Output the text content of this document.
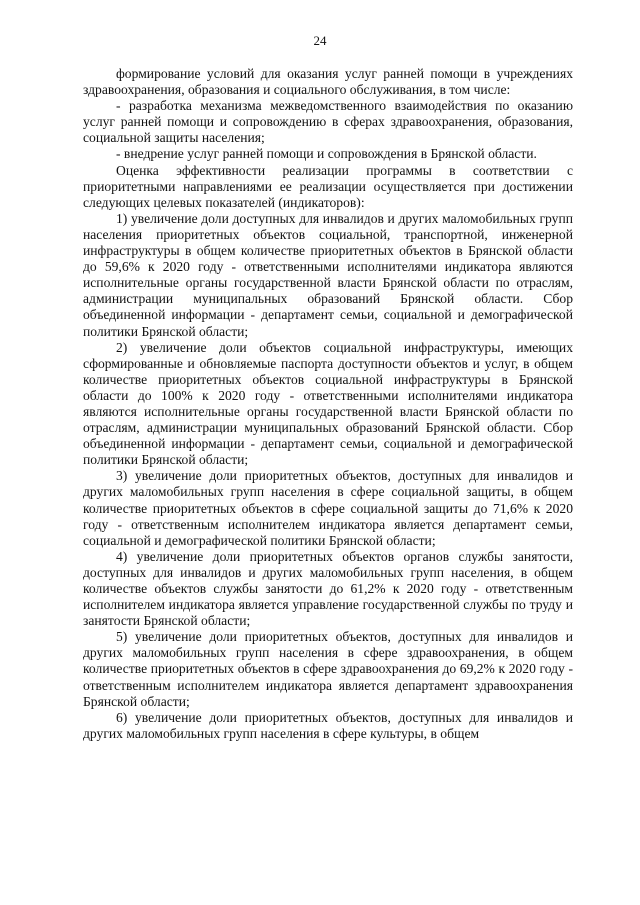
24

формирование условий для оказания услуг ранней помощи в учреждениях здравоохранения, образования и социального обслуживания, в том числе:

- разработка механизма межведомственного взаимодействия по оказанию услуг ранней помощи и сопровождению в сферах здравоохранения, образования, социальной защиты населения;

- внедрение услуг ранней помощи и сопровождения в Брянской области.

Оценка эффективности реализации программы в соответствии с приоритетными направлениями ее реализации осуществляется при достижении следующих целевых показателей (индикаторов):

1) увеличение доли доступных для инвалидов и других маломобильных групп населения приоритетных объектов социальной, транспортной, инженерной инфраструктуры в общем количестве приоритетных объектов в Брянской области до 59,6% к 2020 году - ответственными исполнителями индикатора являются исполнительные органы государственной власти Брянской области по отраслям, администрации муниципальных образований Брянской области. Сбор объединенной информации - департамент семьи, социальной и демографической политики Брянской области;

2) увеличение доли объектов социальной инфраструктуры, имеющих сформированные и обновляемые паспорта доступности объектов и услуг, в общем количестве приоритетных объектов социальной инфраструктуры в Брянской области до 100% к 2020 году - ответственными исполнителями индикатора являются исполнительные органы государственной власти Брянской области по отраслям, администрации муниципальных образований Брянской области. Сбор объединенной информации - департамент семьи, социальной и демографической политики Брянской области;

3) увеличение доли приоритетных объектов, доступных для инвалидов и других маломобильных групп населения в сфере социальной защиты, в общем количестве приоритетных объектов в сфере социальной защиты до 71,6% к 2020 году - ответственным исполнителем индикатора является департамент семьи, социальной и демографической политики Брянской области;

4) увеличение доли приоритетных объектов органов службы занятости, доступных для инвалидов и других маломобильных групп населения, в общем количестве объектов службы занятости до 61,2% к 2020 году - ответственным исполнителем индикатора является управление государственной службы по труду и занятости Брянской области;

5) увеличение доли приоритетных объектов, доступных для инвалидов и других маломобильных групп населения в сфере здравоохранения, в общем количестве приоритетных объектов в сфере здравоохранения до 69,2% к 2020 году - ответственным исполнителем индикатора является департамент здравоохранения Брянской области;

6) увеличение доли приоритетных объектов, доступных для инвалидов и других маломобильных групп населения в сфере культуры, в общем
